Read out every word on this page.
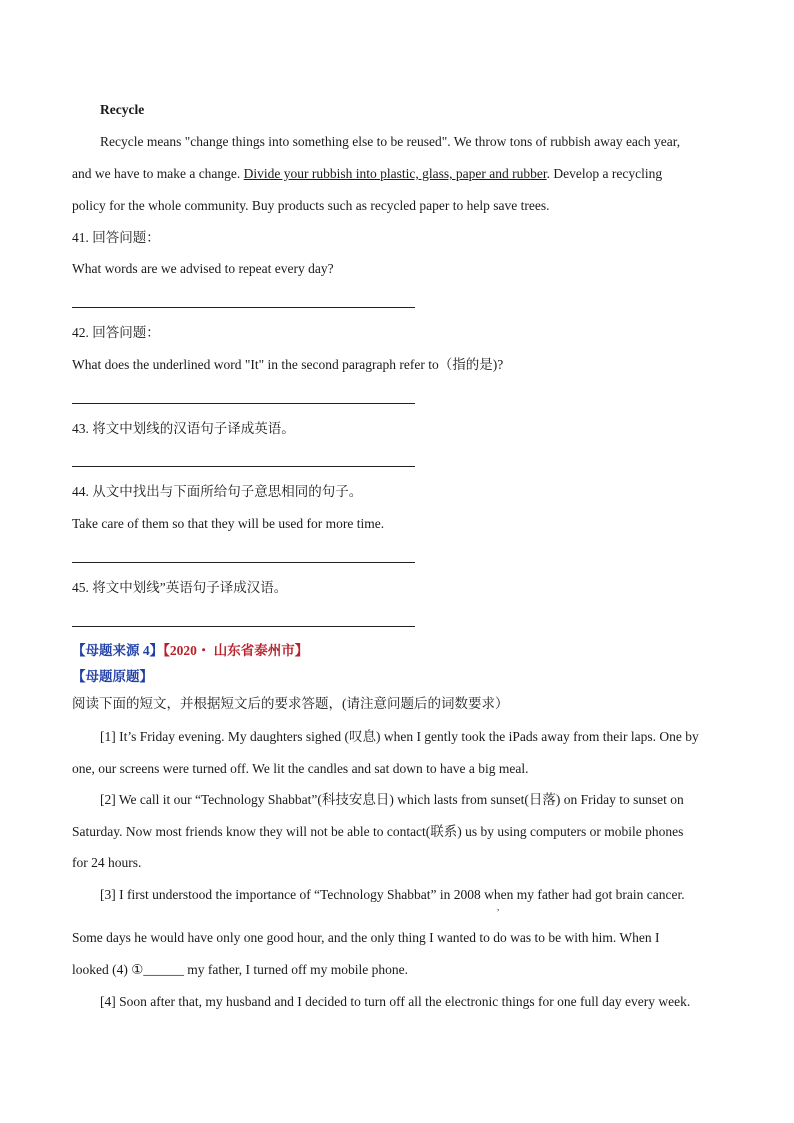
Recycle
Recycle means "change things into something else to be reused". We throw tons of rubbish away each year,
and we have to make a change. Divide your rubbish into plastic, glass, paper and rubber. Develop a recycling
policy for the whole community. Buy products such as recycled paper to help save trees.
41. 回答问题：
What words are we advised to repeat every day?
42. 回答问题：
What does the underlined word "It" in the second paragraph refer to（指的是)?
43. 将文中划线的汉语句子译成英语。
44. 从文中找出与下面所给句子意思相同的句子。
Take care of them so that they will be used for more time.
45. 将文中划线”英语句子译成汉语。
【母题来源 4】【2020・ 山东省泰州市】
【母题原题】
阅读下面的短文，并根据短文后的要求答题，(请注意问题后的词数要求）
[1] It’s Friday evening. My daughters sighed (叹息) when I gently took the iPads away from their laps. One by
one, our screens were turned off. We lit the candles and sat down to have a big meal.
[2] We call it our “Technology Shabbat”(科技安息日) which lasts from sunset(日落) on Friday to sunset on
Saturday. Now most friends know they will not be able to contact(联系) us by using computers or mobile phones
for 24 hours.
[3] I first understood the importance of “Technology Shabbat” in 2008 when my father had got brain cancer.
,
Some days he would have only one good hour, and the only thing I wanted to do was to be with him. When I
looked (4) ①______ my father, I turned off my mobile phone.
[4] Soon after that, my husband and I decided to turn off all the electronic things for one full day every week.
